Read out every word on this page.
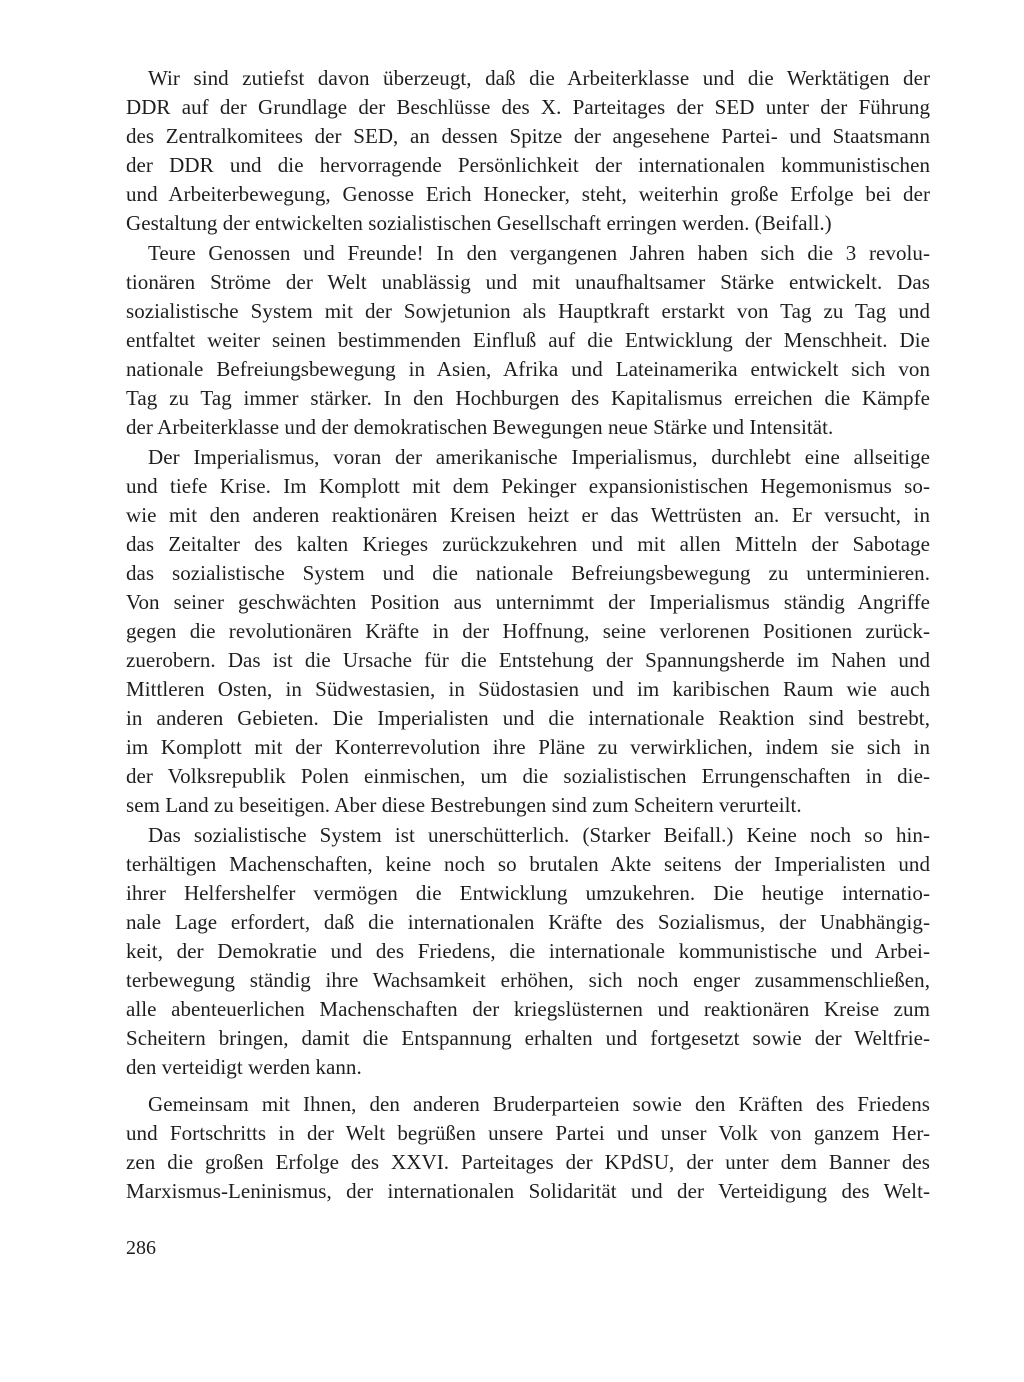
Wir sind zutiefst davon überzeugt, daß die Arbeiterklasse und die Werktätigen der
DDR auf der Grundlage der Beschlüsse des X. Parteitages der SED unter der Führung
des Zentralkomitees der SED, an dessen Spitze der angesehene Partei- und Staatsmann
der DDR und die hervorragende Persönlichkeit der internationalen kommunistischen
und Arbeiterbewegung, Genosse Erich Honecker, steht, weiterhin große Erfolge bei der
Gestaltung der entwickelten sozialistischen Gesellschaft erringen werden. (Beifall.)
Teure Genossen und Freunde! In den vergangenen Jahren haben sich die 3 revolu-
tionären Ströme der Welt unablässig und mit unaufhaltsamer Stärke entwickelt. Das
sozialistische System mit der Sowjetunion als Hauptkraft erstarkt von Tag zu Tag und
entfaltet weiter seinen bestimmenden Einfluß auf die Entwicklung der Menschheit. Die
nationale Befreiungsbewegung in Asien, Afrika und Lateinamerika entwickelt sich von
Tag zu Tag immer stärker. In den Hochburgen des Kapitalismus erreichen die Kämpfe
der Arbeiterklasse und der demokratischen Bewegungen neue Stärke und Intensität.
Der Imperialismus, voran der amerikanische Imperialismus, durchlebt eine allseitige
und tiefe Krise. Im Komplott mit dem Pekinger expansionistischen Hegemonismus so-
wie mit den anderen reaktionären Kreisen heizt er das Wettrüsten an. Er versucht, in
das Zeitalter des kalten Krieges zurückzukehren und mit allen Mitteln der Sabotage
das sozialistische System und die nationale Befreiungsbewegung zu unterminieren.
Von seiner geschwächten Position aus unternimmt der Imperialismus ständig Angriffe
gegen die revolutionären Kräfte in der Hoffnung, seine verlorenen Positionen zurück-
zuerobern. Das ist die Ursache für die Entstehung der Spannungsherde im Nahen und
Mittleren Osten, in Südwestasien, in Südostasien und im karibischen Raum wie auch
in anderen Gebieten. Die Imperialisten und die internationale Reaktion sind bestrebt,
im Komplott mit der Konterrevolution ihre Pläne zu verwirklichen, indem sie sich in
der Volksrepublik Polen einmischen, um die sozialistischen Errungenschaften in die-
sem Land zu beseitigen. Aber diese Bestrebungen sind zum Scheitern verurteilt.
Das sozialistische System ist unerschütterlich. (Starker Beifall.) Keine noch so hin-
terhältigen Machenschaften, keine noch so brutalen Akte seitens der Imperialisten und
ihrer Helfershelfer vermögen die Entwicklung umzukehren. Die heutige internatio-
nale Lage erfordert, daß die internationalen Kräfte des Sozialismus, der Unabhängig-
keit, der Demokratie und des Friedens, die internationale kommunistische und Arbei-
terbewegung ständig ihre Wachsamkeit erhöhen, sich noch enger zusammenschließen,
alle abenteuerlichen Machenschaften der kriegslüsternen und reaktionären Kreise zum
Scheitern bringen, damit die Entspannung erhalten und fortgesetzt sowie der Weltfrie-
den verteidigt werden kann.
Gemeinsam mit Ihnen, den anderen Bruderparteien sowie den Kräften des Friedens
und Fortschritts in der Welt begrüßen unsere Partei und unser Volk von ganzem Her-
zen die großen Erfolge des XXVI. Parteitages der KPdSU, der unter dem Banner des
Marxismus-Leninismus, der internationalen Solidarität und der Verteidigung des Welt-
286
